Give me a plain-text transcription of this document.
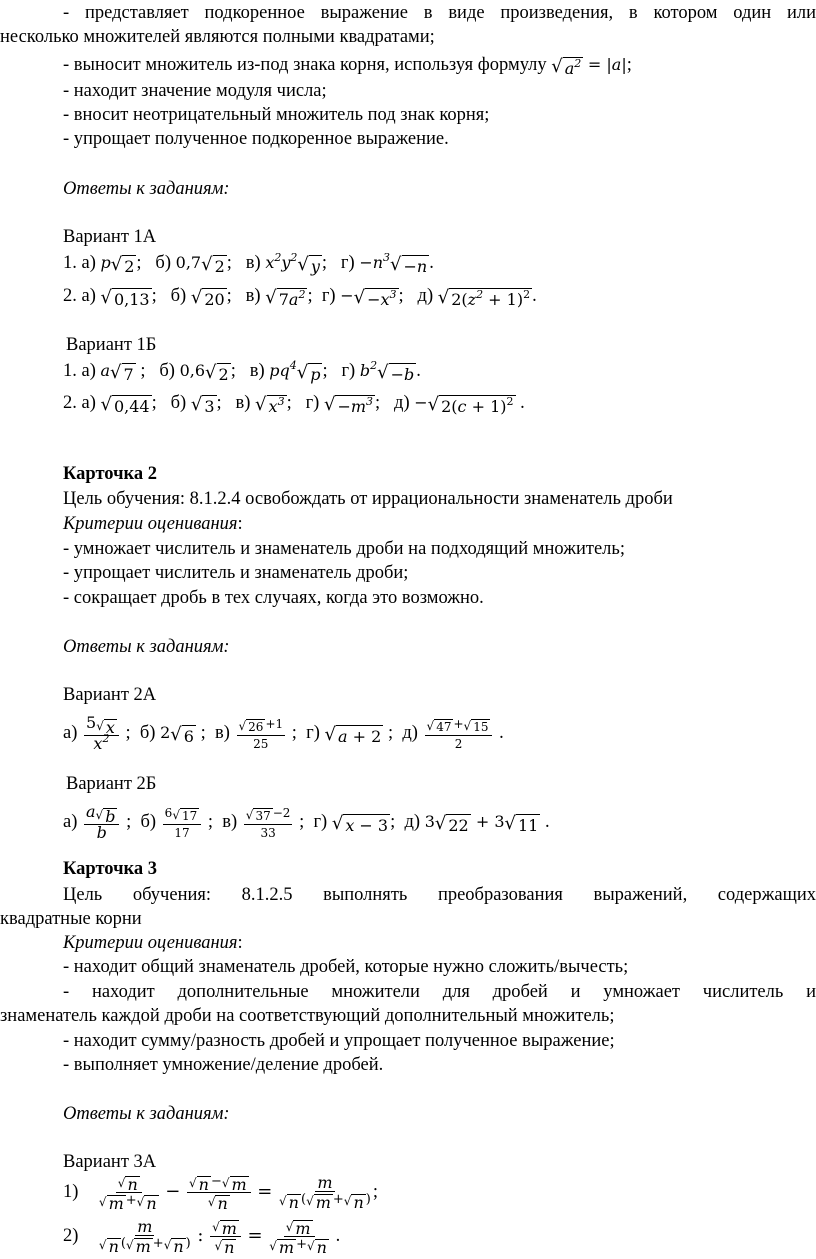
- представляет подкоренное выражение в виде произведения, в котором один или
несколько множителей являются полными квадратами;
- выносит множитель из-под знака корня, используя формулу √ $a^2 = |a|$;
- находит значение модуля числа;
- вносит неотрицательный множитель под знак корня;
- упрощает полученное подкоренное выражение.
Ответы к заданиям:
Вариант 1А
1. а) p √ 2 ;   б) 0,7 √ 2 ;   в) $x^2y^2$ √ y ;   $г) -n^3$ √ −n .
2. а) √ 0,13 ;   б) √ 20 ;   в) √ $7a^2$ ;  г) − √ $-x^3$ ;   д) √ $2(z^2 + 1)^2$ .
Вариант 1Б
1. а) a √ 7 ;   б) 0,6 √ 2 ;   в) $pq^4$ √ p ;   г) $b^2$ √ −b .
2. а) √ 0,44 ;   б) √ 3 ;   в) √ $x^3$ ;   г) √ $-m^3$ ;   д) − √ $2(c + 1)^2$ .
Карточка 2
Цель обучения: 8.1.2.4 освобождать от иррациональности знаменатель дроби
Критерии оценивания:
- умножает числитель и знаменатель дроби на подходящий множитель;
- упрощает числитель и знаменатель дроби;
- сокращает дробь в тех случаях, когда это возможно.
Ответы к заданиям:
Вариант 2А
$а) \frac{5 √ x}{x^2}$ ;  б) 2 √ 6 ;  $в) \frac{√ 26 +1}{25}$ ;  г) √ a + 2 ;  $д) \frac{√ 47 + √ 15}{2}$ .
Вариант 2Б
$а) \frac{a √ b}{b}$ ;  $б) \frac{6 √ 17}{17}$ ;  $в) \frac{√ 37 -2}{33}$ ;  г) √ x − 3 ;  д) 3 √ 22 + 3 √ 11 .
Карточка 3
Цель обучения: 8.1.2.5 выполнять преобразования выражений, содержащих
квадратные корни
Критерии оценивания:
- находит общий знаменатель дробей, которые нужно сложить/вычесть;
- находит дополнительные множители для дробей и умножает числитель и
знаменатель каждой дроби на соответствующий дополнительный множитель;
- находит сумму/разность дробей и упрощает полученное выражение;
- выполняет умножение/деление дробей.
Ответы к заданиям:
Вариант 3А
$1) \frac{√ n}{√ m + √ n} - \frac{√ n - √ m}{√ n} = \frac{m}{√ n ( √ m + √ n )}$ ;
$2) \frac{m}{√ n ( √ m + √ n )}$ : $\frac{√ m}{√ n} = \frac{√ m}{√ m + √ n}$ .
